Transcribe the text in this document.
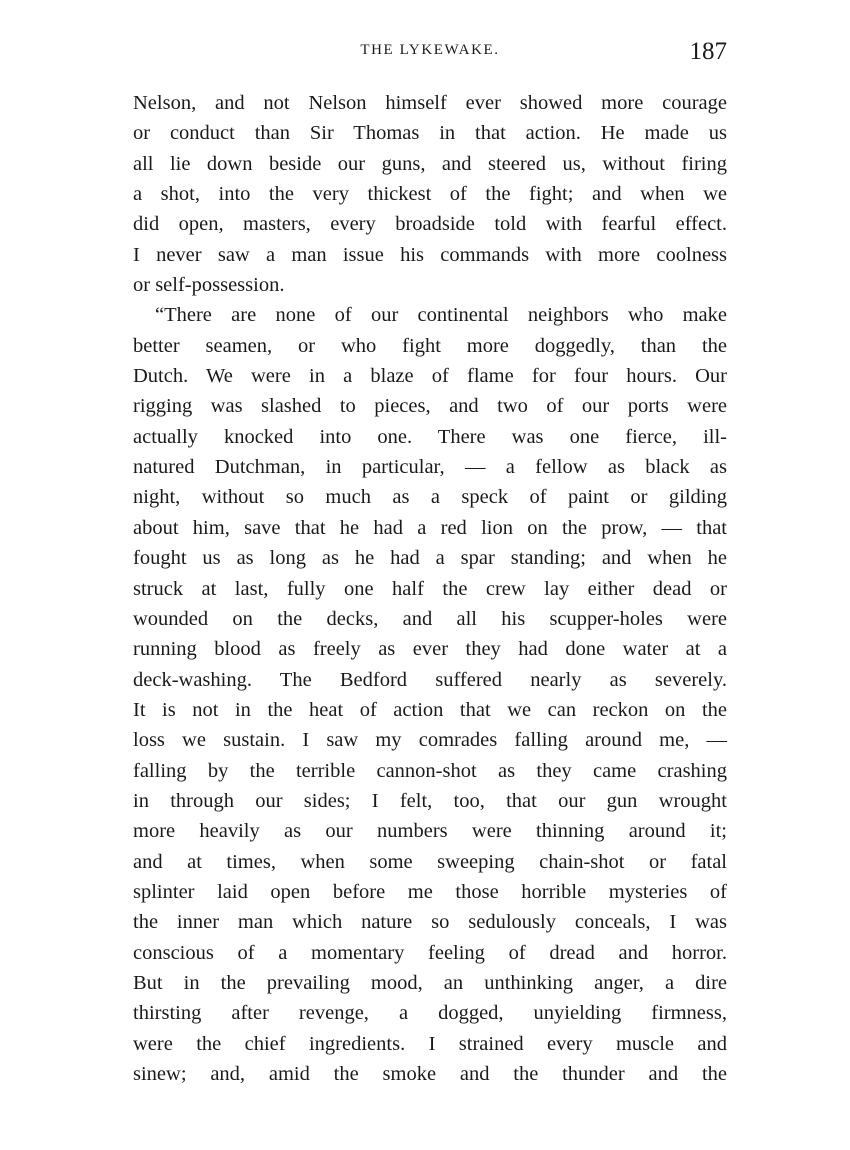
THE LYKEWAKE.	187
Nelson, and not Nelson himself ever showed more courage
or conduct than Sir Thomas in that action. He made us
all lie down beside our guns, and steered us, without firing
a shot, into the very thickest of the fight; and when we
did open, masters, every broadside told with fearful effect.
I never saw a man issue his commands with more coolness
or self-possession.
“There are none of our continental neighbors who make
better seamen, or who fight more doggedly, than the
Dutch. We were in a blaze of flame for four hours. Our
rigging was slashed to pieces, and two of our ports were
actually knocked into one. There was one fierce, ill-
natured Dutchman, in particular, — a fellow as black as
night, without so much as a speck of paint or gilding
about him, save that he had a red lion on the prow, — that
fought us as long as he had a spar standing; and when he
struck at last, fully one half the crew lay either dead or
wounded on the decks, and all his scupper-holes were
running blood as freely as ever they had done water at a
deck-washing. The Bedford suffered nearly as severely.
It is not in the heat of action that we can reckon on the
loss we sustain. I saw my comrades falling around me, —
falling by the terrible cannon-shot as they came crashing
in through our sides; I felt, too, that our gun wrought
more heavily as our numbers were thinning around it;
and at times, when some sweeping chain-shot or fatal
splinter laid open before me those horrible mysteries of
the inner man which nature so sedulously conceals, I was
conscious of a momentary feeling of dread and horror.
But in the prevailing mood, an unthinking anger, a dire
thirsting after revenge, a dogged, unyielding firmness,
were the chief ingredients. I strained every muscle and
sinew; and, amid the smoke and the thunder and the
